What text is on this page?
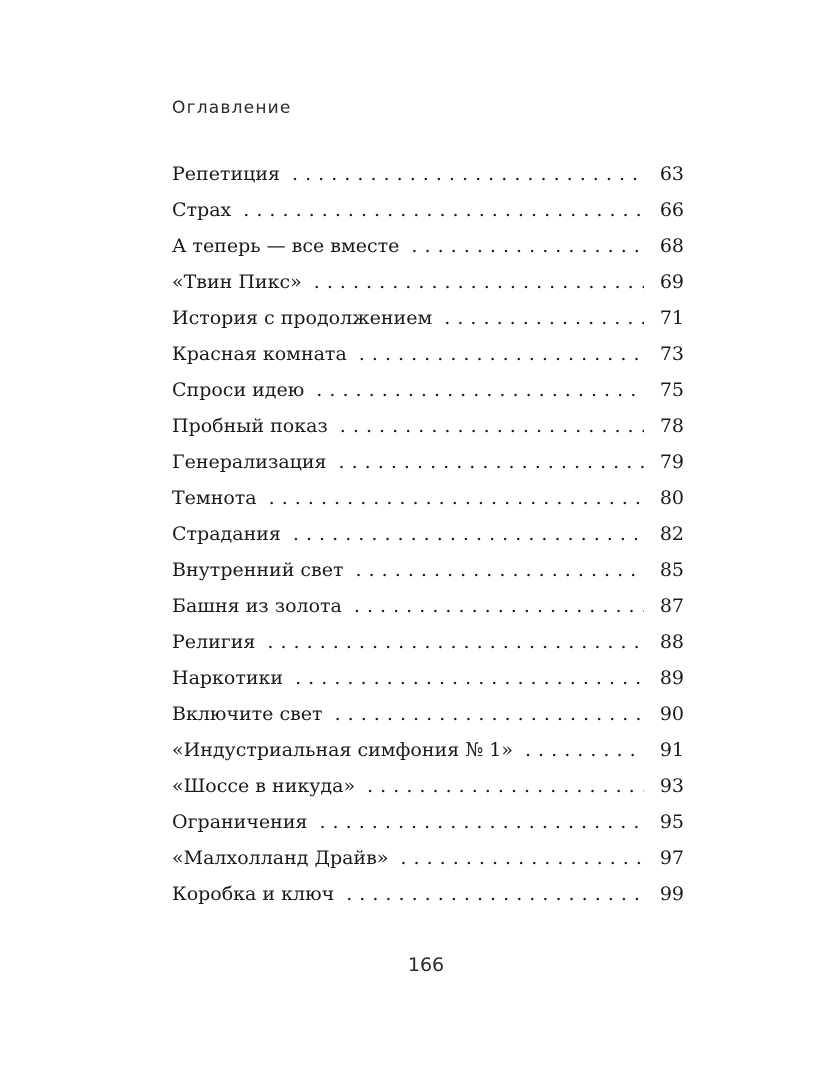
Оглавление
Репетиция . . .	63
Страх . . .	66
А теперь — все вместе . . .	68
«Твин Пикс» . . .	69
История с продолжением . . .	71
Красная комната . . .	73
Спроси идею . . .	75
Пробный показ . . .	78
Генерализация . . .	79
Темнота . . .	80
Страдания . . .	82
Внутренний свет . . .	85
Башня из золота . . .	87
Религия . . .	88
Наркотики . . .	89
Включите свет . . .	90
«Индустриальная симфония № 1» . . .	91
«Шоссе в никуда» . . .	93
Ограничения . . .	95
«Малхолланд Драйв» . . .	97
Коробка и ключ . . .	99
166
